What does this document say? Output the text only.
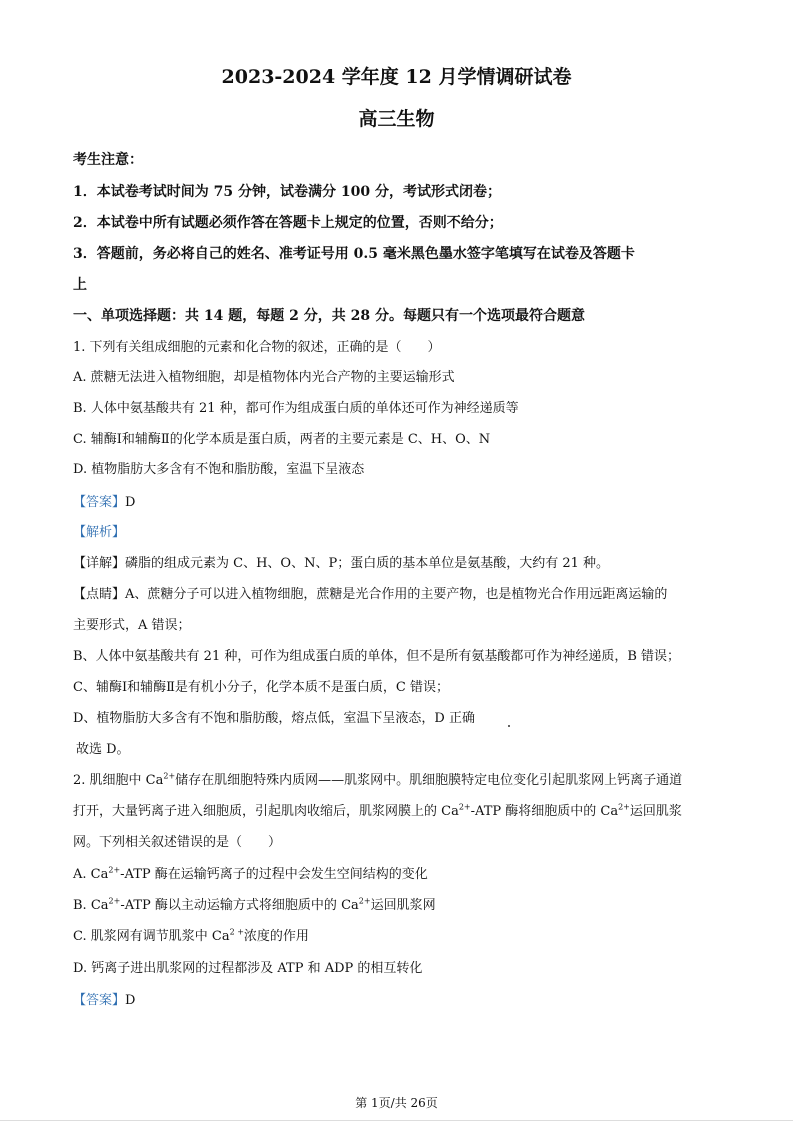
2023-2024 学年度 12 月学情调研试卷
高三生物
考生注意：
1．本试卷考试时间为 75 分钟，试卷满分 100 分，考试形式闭卷；
2．本试卷中所有试题必须作答在答题卡上规定的位置，否则不给分；
3．答题前，务必将自己的姓名、准考证号用 0.5 毫米黑色墨水签字笔填写在试卷及答题卡
上
一、单项选择题：共 14 题，每题 2 分，共 28 分。每题只有一个选项最符合题意
1. 下列有关组成细胞的元素和化合物的叙述，正确的是（　　）
A. 蔗糖无法进入植物细胞，却是植物体内光合产物的主要运输形式
B. 人体中氨基酸共有 21 种，都可作为组成蛋白质的单体还可作为神经递质等
C. 辅酶Ⅰ和辅酶Ⅱ的化学本质是蛋白质，两者的主要元素是 C、H、O、N
D. 植物脂肪大多含有不饱和脂肪酸，室温下呈液态
【答案】D
【解析】
【详解】磷脂的组成元素为 C、H、O、N、P；蛋白质的基本单位是氨基酸，大约有 21 种。
【点睛】A、蔗糖分子可以进入植物细胞，蔗糖是光合作用的主要产物，也是植物光合作用远距离运输的
主要形式，A 错误；
B、人体中氨基酸共有 21 种，可作为组成蛋白质的单体，但不是所有氨基酸都可作为神经递质，B 错误；
C、辅酶Ⅰ和辅酶Ⅱ是有机小分子，化学本质不是蛋白质，C 错误；
D、植物脂肪大多含有不饱和脂肪酸，熔点低，室温下呈液态，D 正确
故选 D。
2. 肌细胞中 $Ca^{2+}$储存在肌细胞特殊内质网——肌浆网中。肌细胞膜特定电位变化引起肌浆网上钙离子通道
打开，大量钙离子进入细胞质，引起肌肉收缩后，肌浆网膜上的 $Ca^{2+}$-ATP 酶将细胞质中的 $Ca^{2+}$运回肌浆
网。下列相关叙述错误的是（　　）
A. $Ca^{2+}$-ATP 酶在运输钙离子的过程中会发生空间结构的变化
B. $Ca^{2+}$-ATP 酶以主动运输方式将细胞质中的 $Ca^{2+}$运回肌浆网
C. 肌浆网有调节肌浆中 $Ca^{2 +}$浓度的作用
D. 钙离子进出肌浆网的过程都涉及 ATP 和 ADP 的相互转化
【答案】D
第 1页/共 26页
